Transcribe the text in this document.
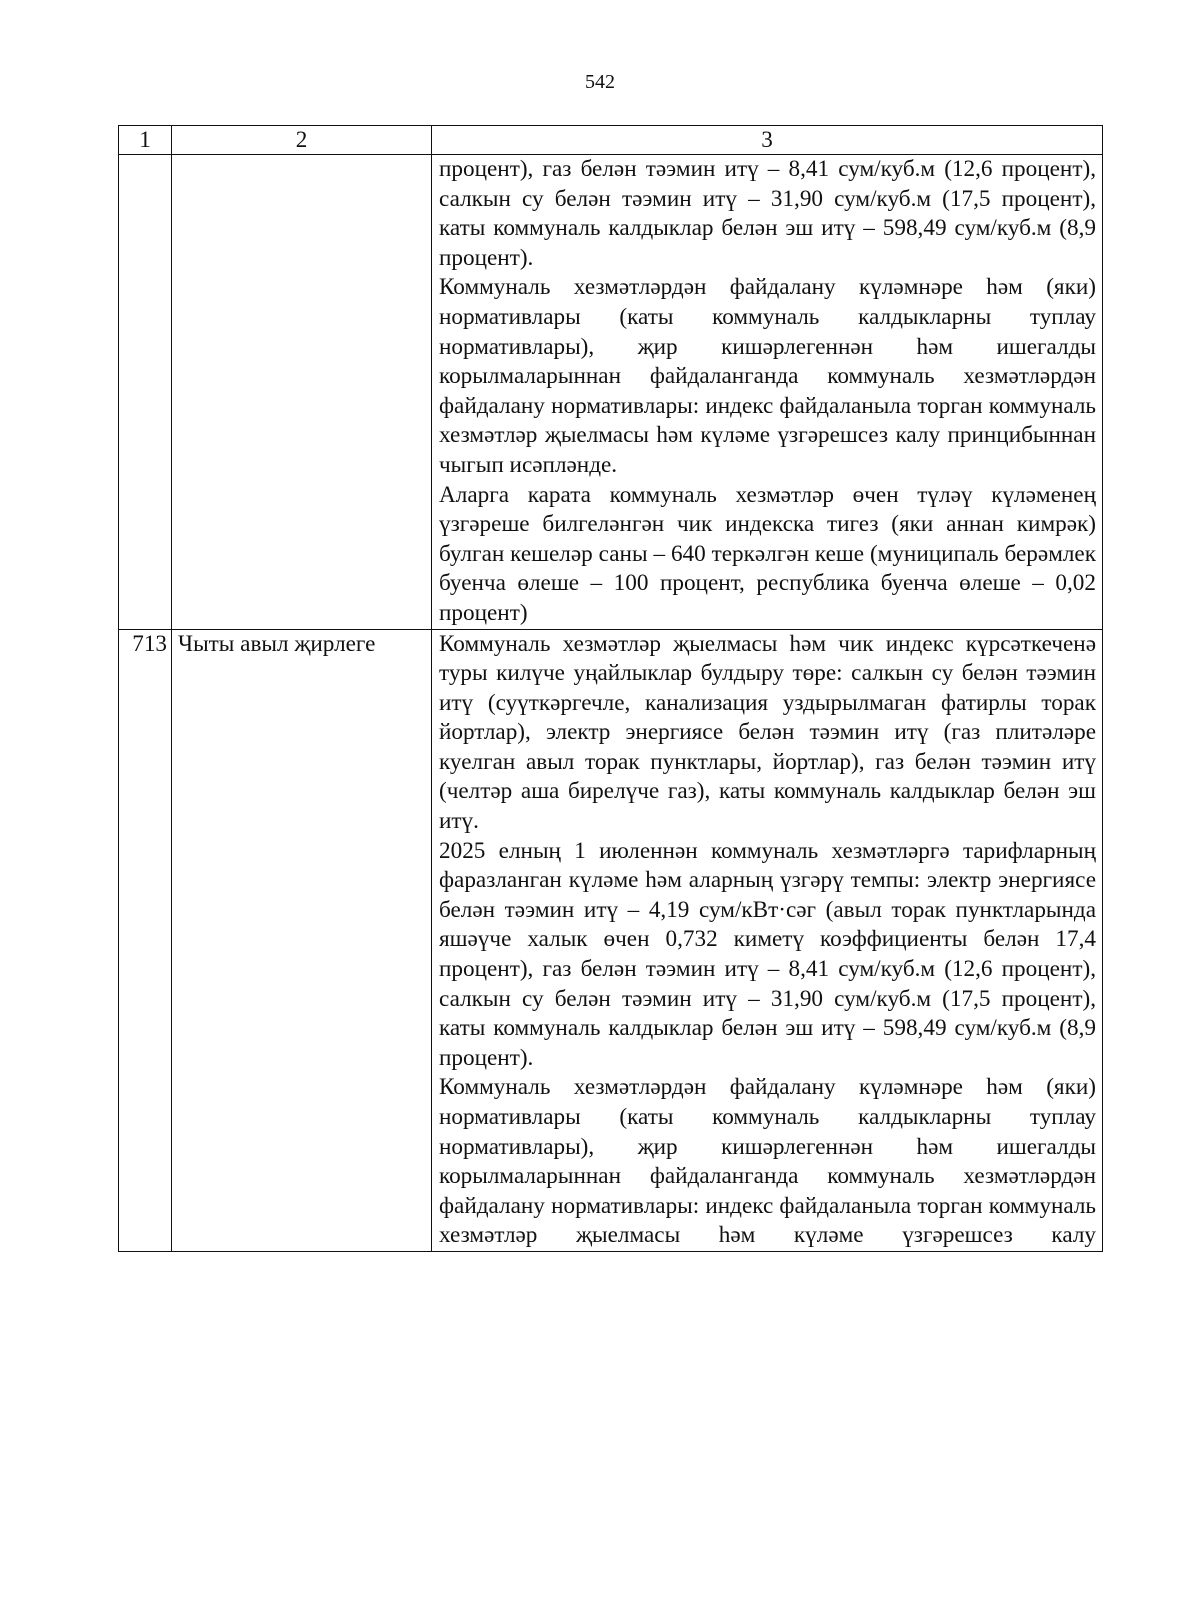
542
1	2	3

		процент), газ белән тәэмин итү – 8,41 сум/куб.м (12,6 процент), салкын су белән тәэмин итү – 31,90 сум/куб.м (17,5 процент), каты коммуналь калдыклар белән эш итү – 598,49 сум/куб.м (8,9 процент).

Коммуналь хезмәтләрдән файдалану күләмнәре һәм (яки) нормативлары (каты коммуналь калдыкларны туплау нормативлары), җир кишәрлегеннән һәм ишегалды корылмаларыннан файдаланганда коммуналь хезмәтләрдән файдалану нормативлары: индекс файдаланыла торган коммуналь хезмәтләр җыелмасы һәм күләме үзгәрешсез калу принцибыннан чыгып исәпләнде.

Аларга карата коммуналь хезмәтләр өчен түләү күләменең үзгәреше билгеләнгән чик индекска тигез (яки аннан кимрәк) булган кешеләр саны – 640 теркәлгән кеше (муниципаль берәмлек буенча өлеше – 100 процент, республика буенча өлеше – 0,02 процент)

713	Чыты авыл җирлеге	Коммуналь хезмәтләр җыелмасы һәм чик индекс күрсәткеченә туры килүче уңайлыклар булдыру төре: салкын су белән тәэмин итү (суүткәргечле, канализация уздырылмаган фатирлы торак йортлар), электр энергиясе белән тәэмин итү (газ плитәләре куелган авыл торак пунктлары, йортлар), газ белән тәэмин итү (челтәр аша бирелүче газ), каты коммуналь калдыклар белән эш итү.

2025 елның 1 июленнән коммуналь хезмәтләргә тарифларның фаразланган күләме һәм аларның үзгәрү темпы: электр энергиясе белән тәэмин итү – 4,19 сум/кВт·сәг (авыл торак пунктларында яшәүче халык өчен 0,732 киметү коэффициенты белән 17,4 процент), газ белән тәэмин итү – 8,41 сум/куб.м (12,6 процент), салкын су белән тәэмин итү – 31,90 сум/куб.м (17,5 процент), каты коммуналь калдыклар белән эш итү – 598,49 сум/куб.м (8,9 процент).

Коммуналь хезмәтләрдән файдалану күләмнәре һәм (яки) нормативлары (каты коммуналь калдыкларны туплау нормативлары), җир кишәрлегеннән һәм ишегалды корылмаларыннан файдаланганда коммуналь хезмәтләрдән файдалану нормативлары: индекс файдаланыла торган коммуналь хезмәтләр җыелмасы һәм күләме үзгәрешсез калу
